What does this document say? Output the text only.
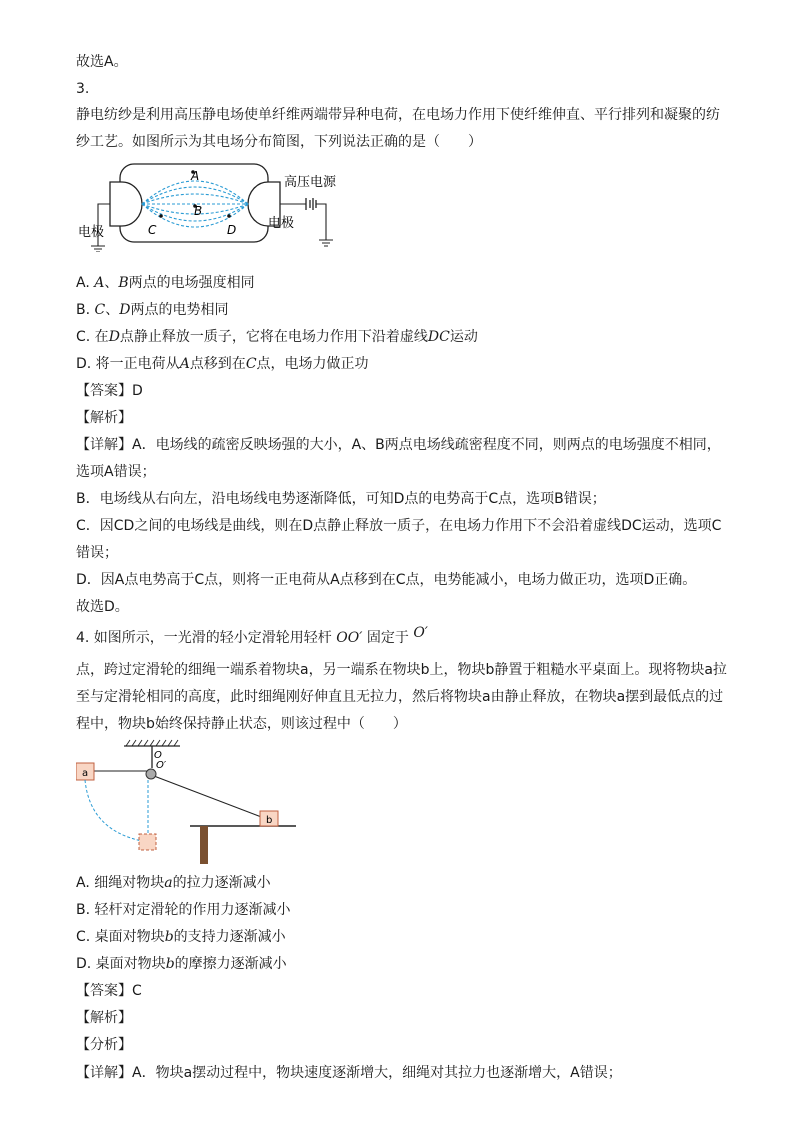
故选A。
3.
静电纺纱是利用高压静电场使单纤维两端带异种电荷，在电场力作用下使纤维伸直、平行排列和凝聚的纺
纱工艺。如图所示为其电场分布简图，下列说法正确的是（　　）
A
B
C	D
高压电源
电极
电极
A. A、B两点的电场强度相同
B. C、D两点的电势相同
C. 在D点静止释放一质子，它将在电场力作用下沿着虚线DC运动
D. 将一正电荷从A点移到在C点，电场力做正功
【答案】D
【解析】
【详解】A．电场线的疏密反映场强的大小，A、B两点电场线疏密程度不同，则两点的电场强度不相同，
选项A错误；
B．电场线从右向左，沿电场线电势逐渐降低，可知D点的电势高于C点，选项B错误；
C．因CD之间的电场线是曲线，则在D点静止释放一质子，在电场力作用下不会沿着虚线DC运动，选项C
错误；
D．因A点电势高于C点，则将一正电荷从A点移到在C点，电势能减小，电场力做正功，选项D正确。
故选D。
4. 如图所示，一光滑的轻小定滑轮用轻杆 OO′ 固定于 O′
点，跨过定滑轮的细绳一端系着物块a，另一端系在物块b上，物块b静置于粗糙水平桌面上。现将物块a拉
至与定滑轮相同的高度，此时细绳刚好伸直且无拉力，然后将物块a由静止释放，在物块a摆到最低点的过
程中，物块b始终保持静止状态，则该过程中（　　）
O
O′
a
b
A. 细绳对物块a的拉力逐渐减小
B. 轻杆对定滑轮的作用力逐渐减小
C. 桌面对物块b的支持力逐渐减小
D. 桌面对物块b的摩擦力逐渐减小
【答案】C
【解析】
【分析】
【详解】A．物块a摆动过程中，物块速度逐渐增大，细绳对其拉力也逐渐增大，A错误；
